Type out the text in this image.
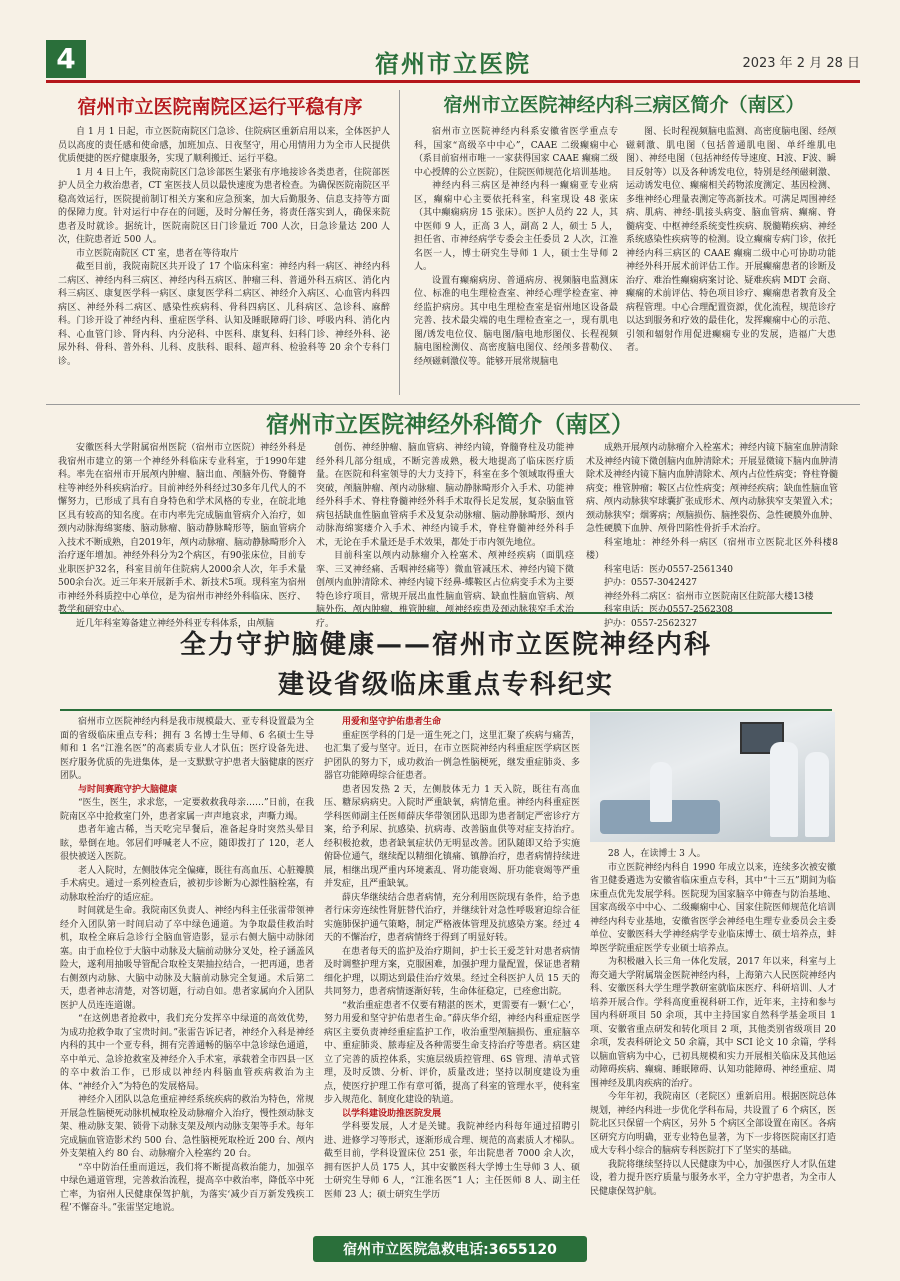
4	宿州市立医院	2023 年 2 月 28 日
宿州市立医院南院区运行平稳有序

自 1 月 1 日起，市立医院南院区门急诊、住院病区重新启用以来，全体医护人员以高度的责任感和使命感，加班加点、日夜坚守，用心用情用力为全市人民提供优质便捷的医疗健康服务，实现了顺利搬迁、运行平稳。

1 月 4 日上午，我院南院区门急诊部医生紧张有序地接诊各类患者，住院部医护人员全力救治患者，CT 室医技人员以最快速度为患者检查。为确保医院南院区平稳高效运行，医院提前制订相关方案和应急预案，加大后勤服务、信息支持等方面的保障力度。针对运行中存在的问题，及时分解任务，将责任落实到人，确保来院患者及时就诊。据统计，医院南院区日门诊量近 700 人次，日急诊量达 200 人次，住院患者近 500 人。

市立医院南院区 CT 室，患者在等待取片

截至目前，我院南院区共开设了 17 个临床科室：神经内科一病区、神经内科二病区、神经内科三病区、神经内科五病区、肿瘤三科、普通外科五病区、消化内科三病区、康复医学科一病区、康复医学科二病区、神经介入病区、心血管内科四病区、神经外科二病区、感染性疾病科、骨科四病区、儿科病区、急诊科、麻醉科。门诊开设了神经内科、重症医学科、认知及睡眠障碍门诊、呼吸内科、消化内科、心血管门诊、肾内科、内分泌科、中医科、康复科、妇科门诊、神经外科、泌尿外科、骨科、普外科、儿科、皮肤科、眼科、超声科、检验科等 20 余个专科门诊。

宿州市立医院神经内科三病区简介（南区）

宿州市立医院神经内科系安徽省医学重点专科，国家“高级卒中中心”，CAAE 二级癫痫中心（系目前宿州市唯一一家获得国家 CAAE 癫痫二级中心授牌的公立医院），住院医师规范化培训基地。

神经内科三病区是神经内科一癫痫亚专业病区，癫痫中心主要依托科室，科室现设 48 张床（其中癫痫病房 15 张床）。医护人员约 22 人，其中医师 9 人，正高 3 人，副高 2 人，硕士 5 人，担任省、市神经病学专委会主任委员 2 人次，江淮名医一人，博士研究生导师 1 人，硕士生导师 2 人。

设置有癫痫病房、普通病房、视频脑电监测床位、标准的电生理检查室、神经心理学检查室、神经监护病房。其中电生理检查室是宿州地区设备最完善、技术最尖端的电生理检查室之一，现有肌电图/诱发电位仪、脑电图/脑电地形图仪、长程视频脑电图检测仪、高密度脑电图仪、经颅多普勒仪、经颅磁刺激仪等。能够开展常规脑电

图、长时程视频脑电监测、高密度脑电图、经颅磁刺激、肌电图（包括普通肌电图、单纤维肌电图）、神经电图（包括神经传导速度、H波、F波、瞬目反射等）以及各种诱发电位，特别是经颅磁刺激、运动诱发电位、癫痫相关药物浓度测定、基因检测、多维神经心理量表测定等高新技术。可满足周围神经病、肌病、神经-肌接头病变、脑血管病、癫痫、脊髓病变、中枢神经系统变性疾病、脱髓鞘疾病、神经系统感染性疾病等的检测。设立癫痫专病门诊，依托神经内科三病区的 CAAE 癫痫二级中心可协助功能神经外科开展术前评估工作。开展癫痫患者的诊断及治疗、难治性癫痫病案讨论、疑难疾病 MDT 会商、癫痫的术前评估、特色项目诊疗、癫痫患者教育及全病程管理。中心合理配置资源，优化流程，规范诊疗以达到服务和疗效的最佳化，发挥癫痫中心的示范、引领和辐射作用促进癫痫专业的发展，造福广大患者。

宿州市立医院神经外科简介（南区）

安徽医科大学附属宿州医院（宿州市立医院）神经外科是我宿州市建立的第一个神经外科临床专业科室，于1990年建科。率先在宿州市开展颅内肿瘤、脑出血、颅脑外伤、脊髓脊柱等神经外科疾病治疗。目前神经外科经过30多年几代人的不懈努力，已形成了具有自身特色和学术风格的专业，在皖北地区具有较高的知名度。在市内率先完成脑血管病介入治疗，如颈内动脉海绵窦瘘、脑动脉瘤、脑动静脉畸形等，脑血管病介入技术不断成熟，自2019年，颅内动脉瘤、脑动静脉畸形介入治疗逐年增加。神经外科分为2个病区，有90张床位，目前专业职医护32名，科室目前年住院病人2000余人次，年手术量500余台次。近三年来开展新手术、新技术5项。现科室为宿州市神经外科质控中心单位，是为宿州市神经外科临床、医疗、教学和研究中心。

近几年科室筹备建立神经外科亚专科体系，由颅脑

创伤、神经肿瘤、脑血管病、神经内镜，脊髓脊柱及功能神经外科几部分组成，不断完善成熟，极大地提高了临床医疗质量。在医院和科室领导的大力支持下，科室在多个领域取得重大突破，颅脑肿瘤、颅内动脉瘤、脑动静脉畸形介入手术、功能神经外科手术、脊柱脊髓神经外科手术取得长足发展，复杂脑血管病包括缺血性脑血管病手术及复杂动脉瘤、脑动静脉畸形、颈内动脉海绵窦瘘介入手术、神经内镜手术，脊柱脊髓神经外科手术，无论在手术量还是手术效果，都处于市内领先地位。

目前科室以颅内动脉瘤介入栓塞术、颅神经疾病（面肌痉挛、三叉神经痛、舌咽神经痛等）微血管减压术、神经内镜下微创颅内血肿清除术、神经内镜下经鼻-蝶鞍区占位病变手术为主要特色诊疗项目，常规开展出血性脑血管病、缺血性脑血管病、颅脑外伤、颅内肿瘤、椎管肿瘤、颅神经疾患及颈动脉狭窄手术治疗。

成熟开展颅内动脉瘤介入栓塞术；神经内镜下脑室血肿清除术及神经内镜下微创脑内血肿清除术；开展显微镜下脑内血肿清除术及神经内镜下脑内血肿清除术、颅内占位性病变；脊柱脊髓病变；椎管肿瘤；鞍区占位性病变；颅神经疾病；缺血性脑血管病、颅内动脉狭窄球囊扩张成形术、颅内动脉狭窄支架置入术；颈动脉狭窄；烟雾病；颅脑损伤、脑挫裂伤、急性硬膜外血肿、急性硬膜下血肿、颅骨凹陷性骨折手术治疗。

科室地址：神经外科一病区（宿州市立医院北区外科楼8楼）

科室电话：医办0557-2561340

护办：0557-3042427

神经外科二病区：宿州市立医院南区住院部大楼13楼

科室电话：医办0557-2562308

护办：0557-2562327

全力守护脑健康——宿州市立医院神经内科
建设省级临床重点专科纪实

宿州市立医院神经内科是我市规模最大、亚专科设置最为全面的省级临床重点专科；拥有 3 名博士生导师、6 名硕士生导师和 1 名“江淮名医”的高素质专业人才队伍；医疗设备先进、医疗服务优质的先进集体，是一支默默守护患者大脑健康的医疗团队。

与时间赛跑守护大脑健康

“医生，医生，求求您，一定要救救我母亲……”日前，在我院南区卒中抢救室门外，患者家属一声声地哀求，声嘶力竭。

患者年逾古稀，当天吃完早餐后，准备起身时突然头晕目眩，晕倒在地。邻居们呼喊老人不应，随即拨打了 120，老人很快被送入医院。

老人入院时，左侧肢体完全偏瘫，既往有高血压、心脏瓣膜手术病史。通过一系列检查后，被初步诊断为心源性脑栓塞，有动脉取栓治疗的适应症。

时间就是生命。我院南区负责人、神经内科主任张雷带领神经介入团队第一时间启动了卒中绿色通道。为争取最佳救治时机，取栓全麻后急诊行全脑血管造影，显示右侧大脑中动脉闭塞。由于血栓位于大脑中动脉及大脑前动脉分叉处，栓子涵盖风险大，遂利用抽吸导管配合取栓支架抽拉结合，一把再通，患者右侧颈内动脉、大脑中动脉及大脑前动脉完全复通。术后第二天，患者神志清楚，对答切题，行动自如。患者家属向介入团队医护人员连连道谢。

“在这例患者抢救中，我们充分发挥卒中绿道的高效优势，为成功抢救争取了宝贵时间。”张雷告诉记者，神经介入科是神经内科的其中一个亚专科，拥有完善通畅的脑卒中急诊绿色通道，卒中单元、急诊抢救室及神经介入手术室，承载着全市四县一区的卒中救治工作，已形成以神经内科脑血管疾病救治为主体、“神经介入”为特色的发展格局。

神经介入团队以急危重症神经系统疾病的救治为特色，常规开展急性脑梗死动脉机械取栓及动脉瘤介入治疗，慢性颈动脉支架、椎动脉支架、锁骨下动脉支架及颅内动脉支架等手术。每年完成脑血管造影术约 500 台、急性脑梗死取栓近 200 台、颅内外支架植入约 80 台、动脉瘤介入栓塞约 20 台。

“卒中防治任重而道远，我们将不断提高救治能力，加强卒中绿色通道管理，完善救治流程，提高卒中救治率，降低卒中死亡率，为宿州人民健康保驾护航，为落实‘减少百万新发残疾工程’不懈奋斗。”张雷坚定地说。

用爱和坚守护佑患者生命

重症医学科的门是一道生死之门，这里汇聚了疾病与痛苦，也汇集了爱与坚守。近日，在市立医院神经内科重症医学病区医护团队的努力下，成功救治一例急性脑梗死，继发重症肺炎、多器官功能障碍综合征患者。

患者因发热 2 天，左侧肢体无力 1 天入院，既往有高血压、糖尿病病史。入院时严重缺氧，病情危重。神经内科重症医学科医师副主任医师薛庆华带领团队迅即为患者制定严密诊疗方案，给予利尿、抗感染、抗病毒、改善脑血供等对症支持治疗。经积极抢救，患者缺氧症状仍无明显改善。团队随即又给予实施俯卧位通气，继续配以精细化镇痛、镇静治疗，患者病情持续进展，相继出现严重内环境紊乱、肾功能衰竭、肝功能衰竭等严重并发症，且严重缺氧。

薛庆华继续结合患者病情，充分利用医院现有条件，给予患者行床旁连续性肾脏替代治疗，并继续针对急性呼吸窘迫综合征实施肺保护通气策略，制定严格液体管理及抗感染方案。经过 4 天的不懈治疗，患者病情终于得到了明显好转。

在患者每天的监护及治疗期间，护士长王爱芝针对患者病情及时调整护理方案，克服困难，加强护理力量配置，保证患者精细化护理，以期达到最佳治疗效果。经过全科医护人员 15 天的共同努力，患者病情逐渐好转，生命体征稳定，已痊愈出院。

“救治重症患者不仅要有精湛的医术，更需要有一颗‘仁心’，努力用爱和坚守护佑患者生命。”薛庆华介绍，神经内科重症医学病区主要负责神经重症监护工作，收治重型颅脑损伤、重症脑卒中、重症肺炎、脓毒症及各种需要生命支持治疗等患者。病区建立了完善的质控体系，实施层级质控管理、6S 管理、清单式管理，及时反馈、分析、评价，质量改进；坚持以制度建设为重点，使医疗护理工作有章可循，提高了科室的管理水平，使科室步入规范化、制度化建设的轨道。

以学科建设助推医院发展

学科要发展，人才是关键。我院神经内科每年通过招聘引进、进修学习等形式，逐渐形成合理、规范的高素质人才梯队。截至目前，学科设置床位 251 张，年出院患者 7000 余人次，拥有医护人员 175 人，其中安徽医科大学博士生导师 3 人、硕士研究生导师 6 人，“江淮名医”1 人；主任医师 8 人、副主任医师 23 人；硕士研究生学历

28 人，在读博士 3 人。

市立医院神经内科自 1990 年成立以来，连续多次被安徽省卫健委遴选为安徽省临床重点专科，其中“十三五”期间为临床重点优先发展学科。医院现为国家脑卒中筛查与防治基地、国家高级卒中中心、二级癫痫中心、国家住院医师规范化培训神经内科专业基地，安徽省医学会神经电生理专业委员会主委单位、安徽医科大学神经病学专业临床博士、硕士培养点，蚌埠医学院重症医学专业硕士培养点。

为积极融入长三角一体化发展，2017 年以来，科室与上海交通大学附属瑞金医院神经内科，上海第六人民医院神经内科、安徽医科大学生理学教研室就临床医疗、科研培训、人才培养开展合作。学科高度重视科研工作，近年来，主持和参与国内科研项目 50 余项，其中主持国家自然科学基金项目 1 项、安徽省重点研发和转化项目 2 项，其他类别省级项目 20 余项，发表科研论文 50 余篇，其中 SCI 论文 10 余篇，学科以脑血管病为中心，已初具规模和实力开展相关临床及其他运动障碍疾病、癫痫、睡眠障碍、认知功能障碍、神经重症、周围神经及肌肉疾病的治疗。

今年年初，我院南区（老院区）重新启用。根据医院总体规划，神经内科进一步优化学科布局，共设置了 6 个病区，医院北区只保留一个病区，另外 5 个病区全部设置在南区。各病区研究方向明确，亚专业特色显著，为下一步将医院南区打造成大专科小综合的脑病专科医院打下了坚实的基础。

我院将继续坚持以人民健康为中心，加强医疗人才队伍建设，着力提升医疗质量与服务水平，全力守护患者，为全市人民健康保驾护航。

宿州市立医院急救电话:3655120
